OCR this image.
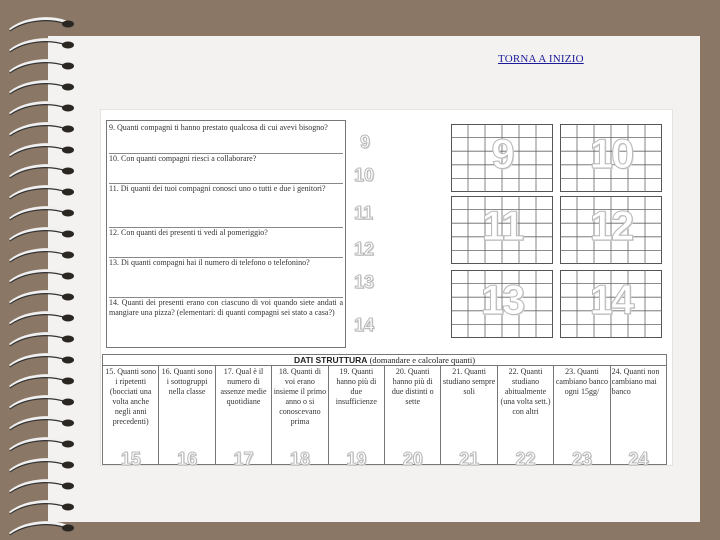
TORNA A INIZIO
9. Quanti compagni ti hanno prestato qualcosa di cui avevi bisogno?
10. Con quanti compagni riesci a collaborare?
11. Di quanti dei tuoi compagni conosci uno o tutti e due i genitori?
12. Con quanti dei presenti ti vedi al pomeriggio?
13. Di quanti compagni hai il numero di telefono o telefonino?
14. Quanti dei presenti erano con ciascuno di voi quando siete andati a mangiare una pizza? (elementari: di quanti compagni sei stato a casa?)
9
10
11
12
13
14
9	10
11	12
13	14
DATI STRUTTURA (domandare e calcolare quanti)
15. Quanti sono i ripetenti (bocciati una volta anche negli anni precedenti)
15
16. Quanti sono i sottogruppi nella classe
16
17. Qual è il numero di assenze medie quotidiane
17
18. Quanti di voi erano insieme il primo anno o si conoscevano prima
18
19. Quanti hanno più di due insufficienze
19
20. Quanti hanno più di due distinti o sette
20
21. Quanti studiano sempre soli
21
22. Quanti studiano abitualmente (una volta sett.) con altri
22
23. Quanti cambiano banco ogni 15gg/
23
24. Quanti non cambiano mai banco
24
